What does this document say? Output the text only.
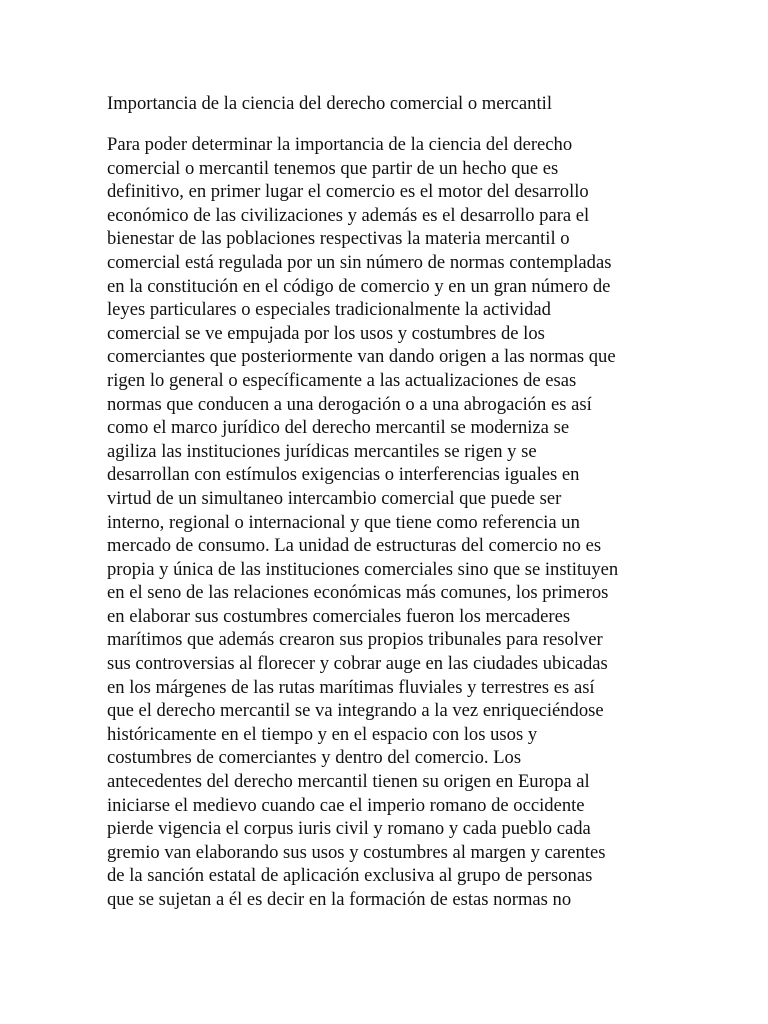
Importancia de la ciencia del derecho comercial o mercantil
Para poder determinar la importancia de la ciencia del derecho
comercial o mercantil tenemos que partir de un hecho que es
definitivo, en primer lugar el comercio es el motor del desarrollo
económico de las civilizaciones y además es el desarrollo para el
bienestar de las poblaciones respectivas la materia mercantil o
comercial está regulada por un sin número de normas contempladas
en la constitución en el código de comercio y en un gran número de
leyes particulares o especiales tradicionalmente la actividad
comercial se ve empujada por los usos y costumbres de los
comerciantes que posteriormente van dando origen a las normas que
rigen lo general o específicamente a las actualizaciones de esas
normas que conducen a una derogación o a una abrogación es así
como el marco jurídico del derecho mercantil se moderniza se
agiliza las instituciones jurídicas mercantiles se rigen y se
desarrollan con estímulos exigencias o interferencias iguales en
virtud de un simultaneo intercambio comercial que puede ser
interno, regional o internacional y que tiene como referencia un
mercado de consumo. La unidad de estructuras del comercio no es
propia y única de las instituciones comerciales sino que se instituyen
en el seno de las relaciones económicas más comunes, los primeros
en elaborar sus costumbres comerciales fueron los mercaderes
marítimos que además crearon sus propios tribunales para resolver
sus controversias al florecer y cobrar auge en las ciudades ubicadas
en los márgenes de las rutas marítimas fluviales y terrestres es así
que el derecho mercantil se va integrando a la vez enriqueciéndose
históricamente en el tiempo y en el espacio con los usos y
costumbres de comerciantes y dentro del comercio. Los
antecedentes del derecho mercantil tienen su origen en Europa al
iniciarse el medievo cuando cae el imperio romano de occidente
pierde vigencia el corpus iuris civil y romano y cada pueblo cada
gremio van elaborando sus usos y costumbres al margen y carentes
de la sanción estatal de aplicación exclusiva al grupo de personas
que se sujetan a él es decir en la formación de estas normas no
